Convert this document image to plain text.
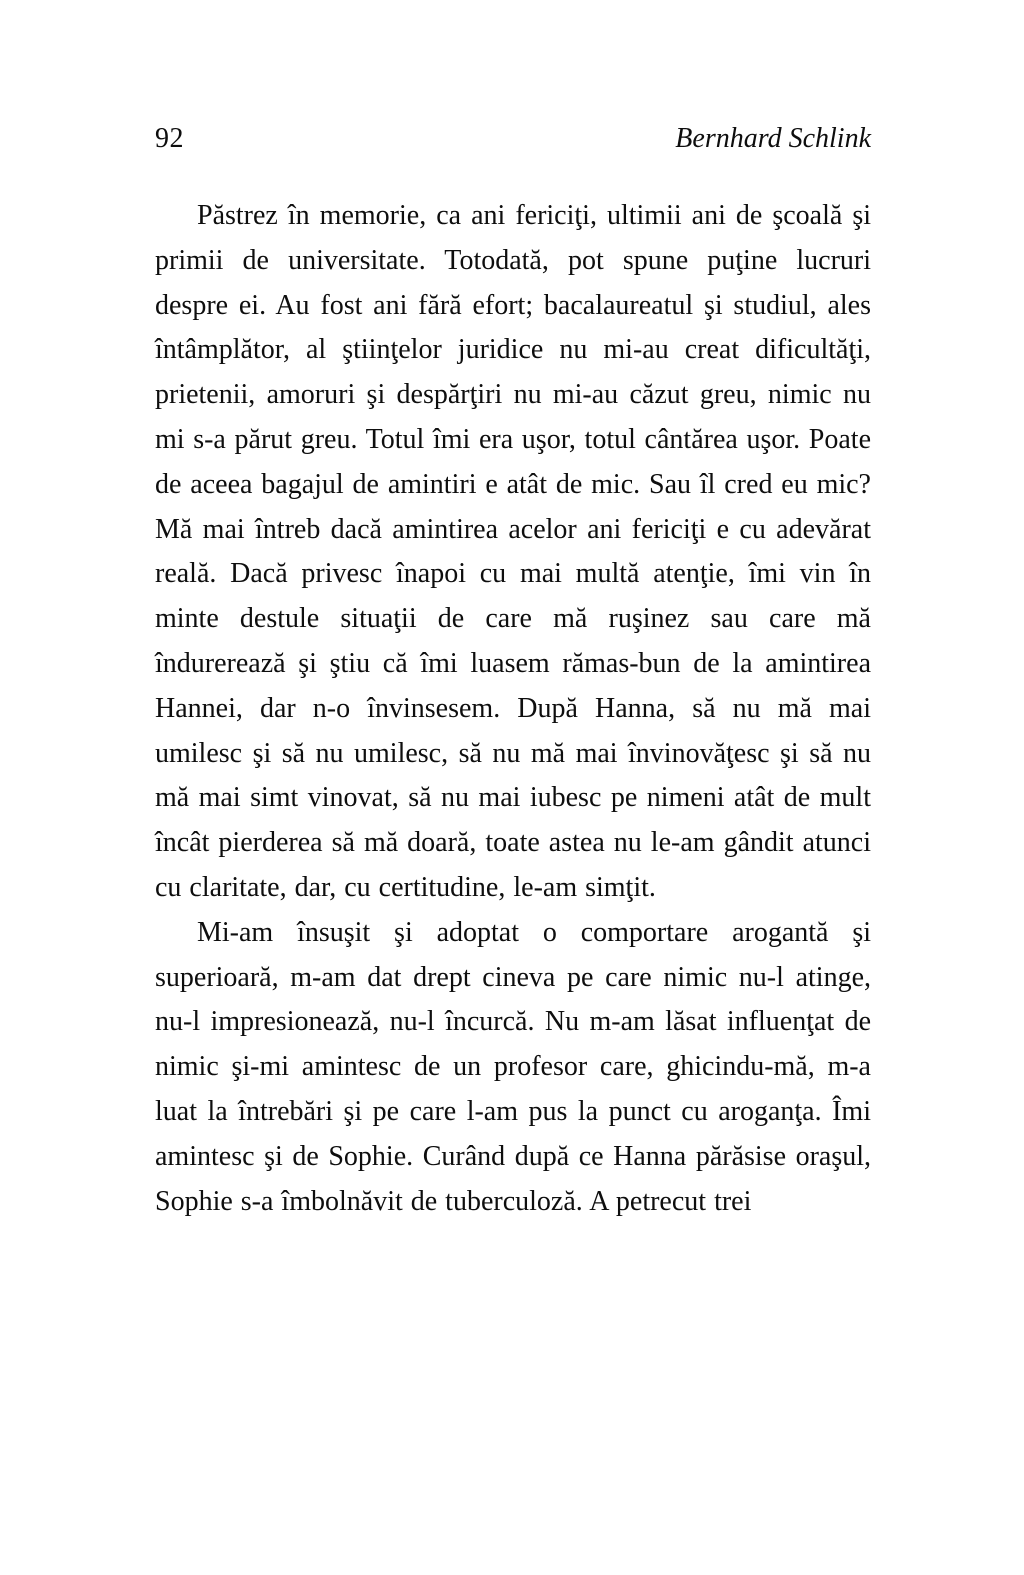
92	Bernhard Schlink

Păstrez în memorie, ca ani fericiţi, ultimii ani de şcoală şi primii de universitate. Totodată, pot spune puţine lucruri despre ei. Au fost ani fără efort; bacalaureatul şi studiul, ales întâmplător, al ştiinţelor juridice nu mi-au creat dificultăţi, prietenii, amoruri şi despărţiri nu mi-au căzut greu, nimic nu mi s-a părut greu. Totul îmi era uşor, totul cântărea uşor. Poate de aceea bagajul de amintiri e atât de mic. Sau îl cred eu mic? Mă mai întreb dacă amintirea acelor ani fericiţi e cu adevărat reală. Dacă privesc înapoi cu mai multă atenţie, îmi vin în minte destule situaţii de care mă ruşinez sau care mă îndurerează şi ştiu că îmi luasem rămas-bun de la amintirea Hannei, dar n-o învinsesem. După Hanna, să nu mă mai umilesc şi să nu umilesc, să nu mă mai învinovăţesc şi să nu mă mai simt vinovat, să nu mai iubesc pe nimeni atât de mult încât pierderea să mă doară, toate astea nu le-am gândit atunci cu claritate, dar, cu certitudine, le-am simţit.

Mi-am însuşit şi adoptat o comportare arogantă şi superioară, m-am dat drept cineva pe care nimic nu-l atinge, nu-l impresionează, nu-l încurcă. Nu m-am lăsat influenţat de nimic şi-mi amintesc de un profesor care, ghicindu-mă, m-a luat la întrebări şi pe care l-am pus la punct cu aroganţa. Îmi amintesc şi de Sophie. Curând după ce Hanna părăsise oraşul, Sophie s-a îmbolnăvit de tuberculoză. A petrecut trei
